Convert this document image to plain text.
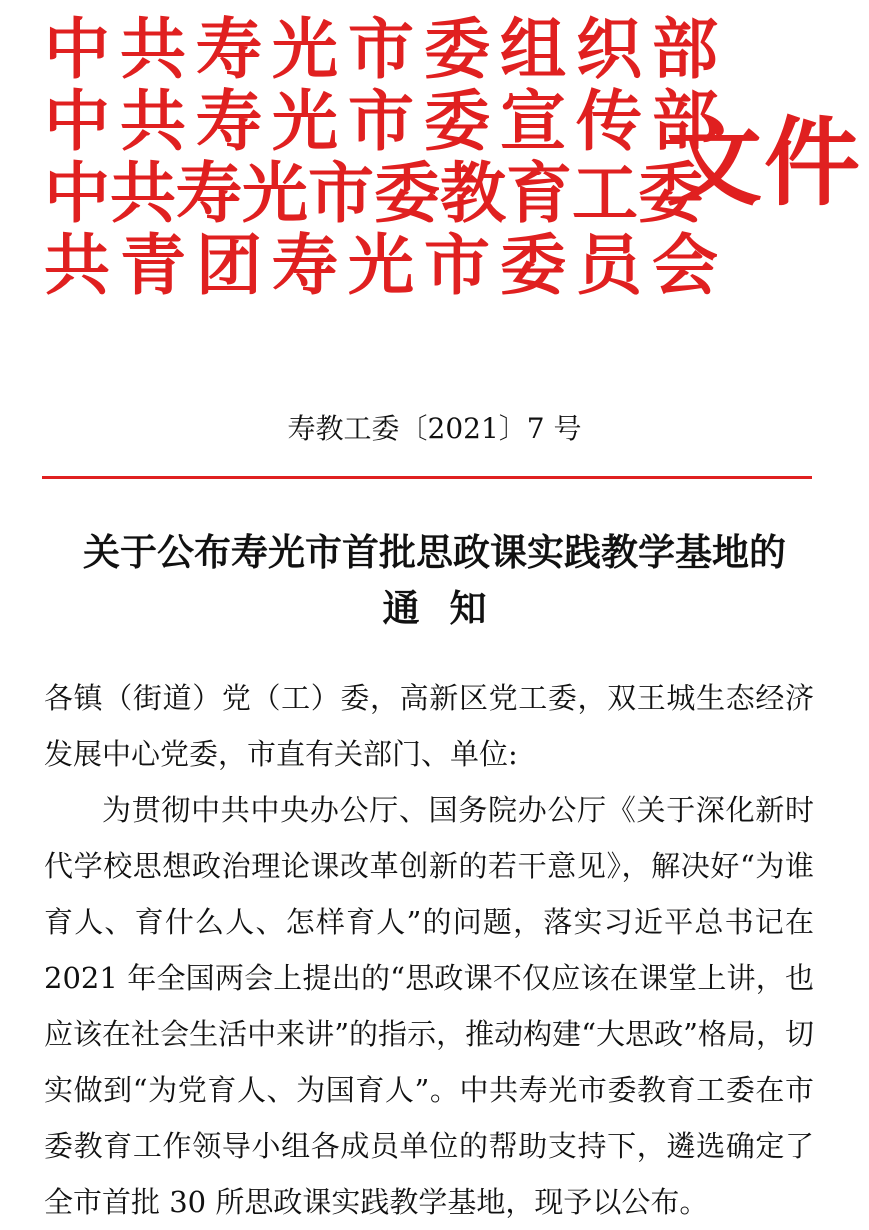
中共寿光市委组织部
中共寿光市委宣传部
中共寿光市委教育工委
共青团寿光市委员会
文件
寿教工委〔2021〕7 号
关于公布寿光市首批思政课实践教学基地的
通知

各镇（街道）党（工）委，高新区党工委，双王城生态经济发展中心党委，市直有关部门、单位:

为贯彻中共中央办公厅、国务院办公厅《关于深化新时代学校思想政治理论课改革创新的若干意见》，解决好“为谁育人、育什么人、怎样育人”的问题，落实习近平总书记在 2021 年全国两会上提出的“思政课不仅应该在课堂上讲，也应该在社会生活中来讲”的指示，推动构建“大思政”格局，切实做到“为党育人、为国育人”。中共寿光市委教育工委在市委教育工作领导小组各成员单位的帮助支持下，遴选确定了全市首批 30 所思政课实践教学基地，现予以公布。
